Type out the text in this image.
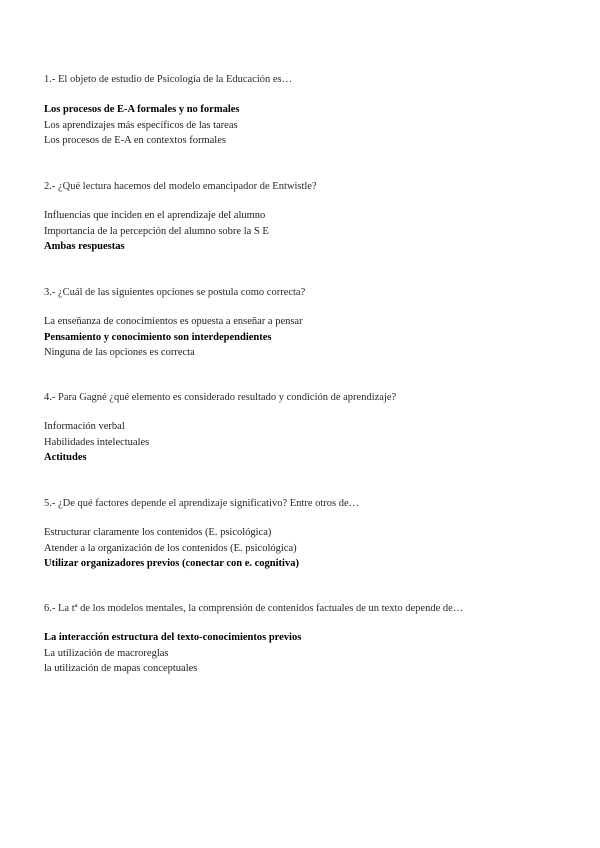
1.- El objeto de estudio de Psicología de la Educación es…
Los procesos de E-A formales y no formales
Los aprendizajes más específicos de las tareas
Los procesos de E-A en contextos formales
2.- ¿Qué lectura hacemos del modelo emancipador de Entwistle?
Influencias que inciden en el aprendizaje del alumno
Importancia de la percepción del alumno sobre la S E
Ambas respuestas
3.- ¿Cuál de las siguientes opciones se postula como correcta?
La enseñanza de conocimientos es opuesta a enseñar a pensar
Pensamiento y conocimiento son interdependientes
Ninguna de las opciones es correcta
4.- Para Gagné ¿qué elemento es considerado resultado y condición de aprendizaje?
Información verbal
Habilidades intelectuales
Actitudes
5.- ¿De qué factores depende el aprendizaje significativo? Entre otros de…
Estructurar claramente los contenidos (E. psicológica)
Atender a la organización de los contenidos (E. psicológica)
Utilizar organizadores previos (conectar con e. cognitiva)
6.- La tª de los modelos mentales, la comprensión de contenidos factuales de un texto depende de…
La interacción estructura del texto-conocimientos previos
La utilización de macroreglas
la utilización de mapas conceptuales
